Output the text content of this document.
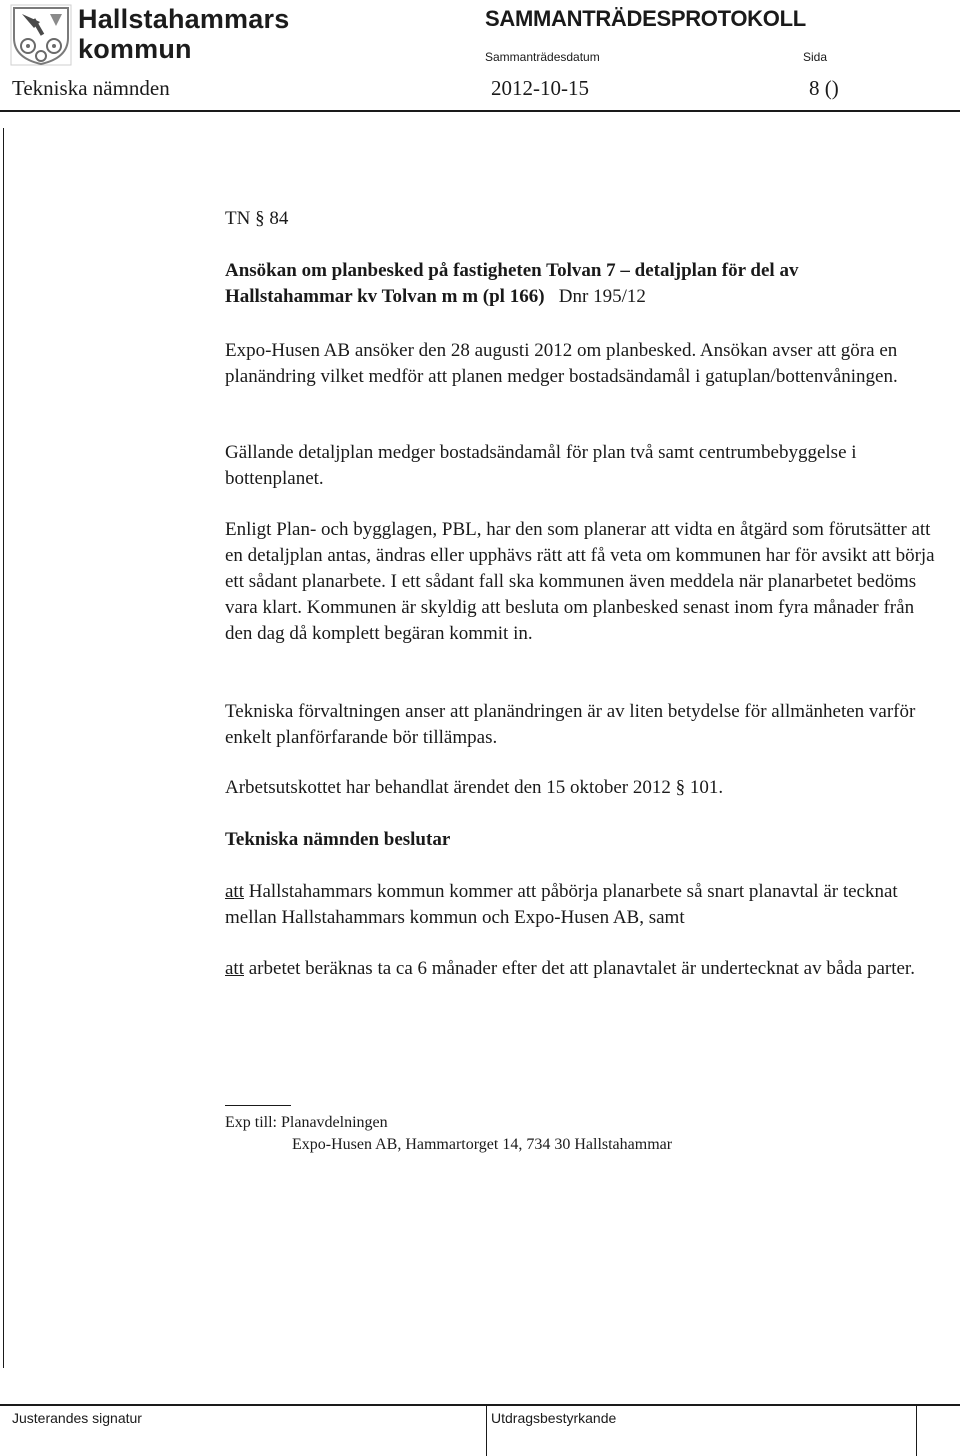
Hallstahammars
kommun
SAMMANTRÄDESPROTOKOLL
Sammanträdesdatum	Sida
Tekniska nämnden	2012-10-15	8 ()
TN § 84
Ansökan om planbesked på fastigheten Tolvan 7 – detaljplan för del av
Hallstahammar kv Tolvan m m (pl 166) Dnr 195/12
Expo-Husen AB ansöker den 28 augusti 2012 om planbesked. Ansökan avser att göra en planändring vilket medför att planen medger bostadsändamål i gatuplan/bottenvåningen.
Gällande detaljplan medger bostadsändamål för plan två samt centrumbebyggelse i bottenplanet.
Enligt Plan- och bygglagen, PBL, har den som planerar att vidta en åtgärd som förutsätter att en detaljplan antas, ändras eller upphävs rätt att få veta om kommunen har för avsikt att börja ett sådant planarbete. I ett sådant fall ska kommunen även meddela när planarbetet bedöms vara klart. Kommunen är skyldig att besluta om planbesked senast inom fyra månader från den dag då komplett begäran kommit in.
Tekniska förvaltningen anser att planändringen är av liten betydelse för allmänheten varför enkelt planförfarande bör tillämpas.
Arbetsutskottet har behandlat ärendet den 15 oktober 2012 § 101.
Tekniska nämnden beslutar
att Hallstahammars kommun kommer att påbörja planarbete så snart planavtal är tecknat mellan Hallstahammars kommun och Expo-Husen AB, samt
att arbetet beräknas ta ca 6 månader efter det att planavtalet är undertecknat av båda parter.
Exp till: Planavdelningen
Expo-Husen AB, Hammartorget 14, 734 30 Hallstahammar
Justerandes signatur	Utdragsbestyrkande
